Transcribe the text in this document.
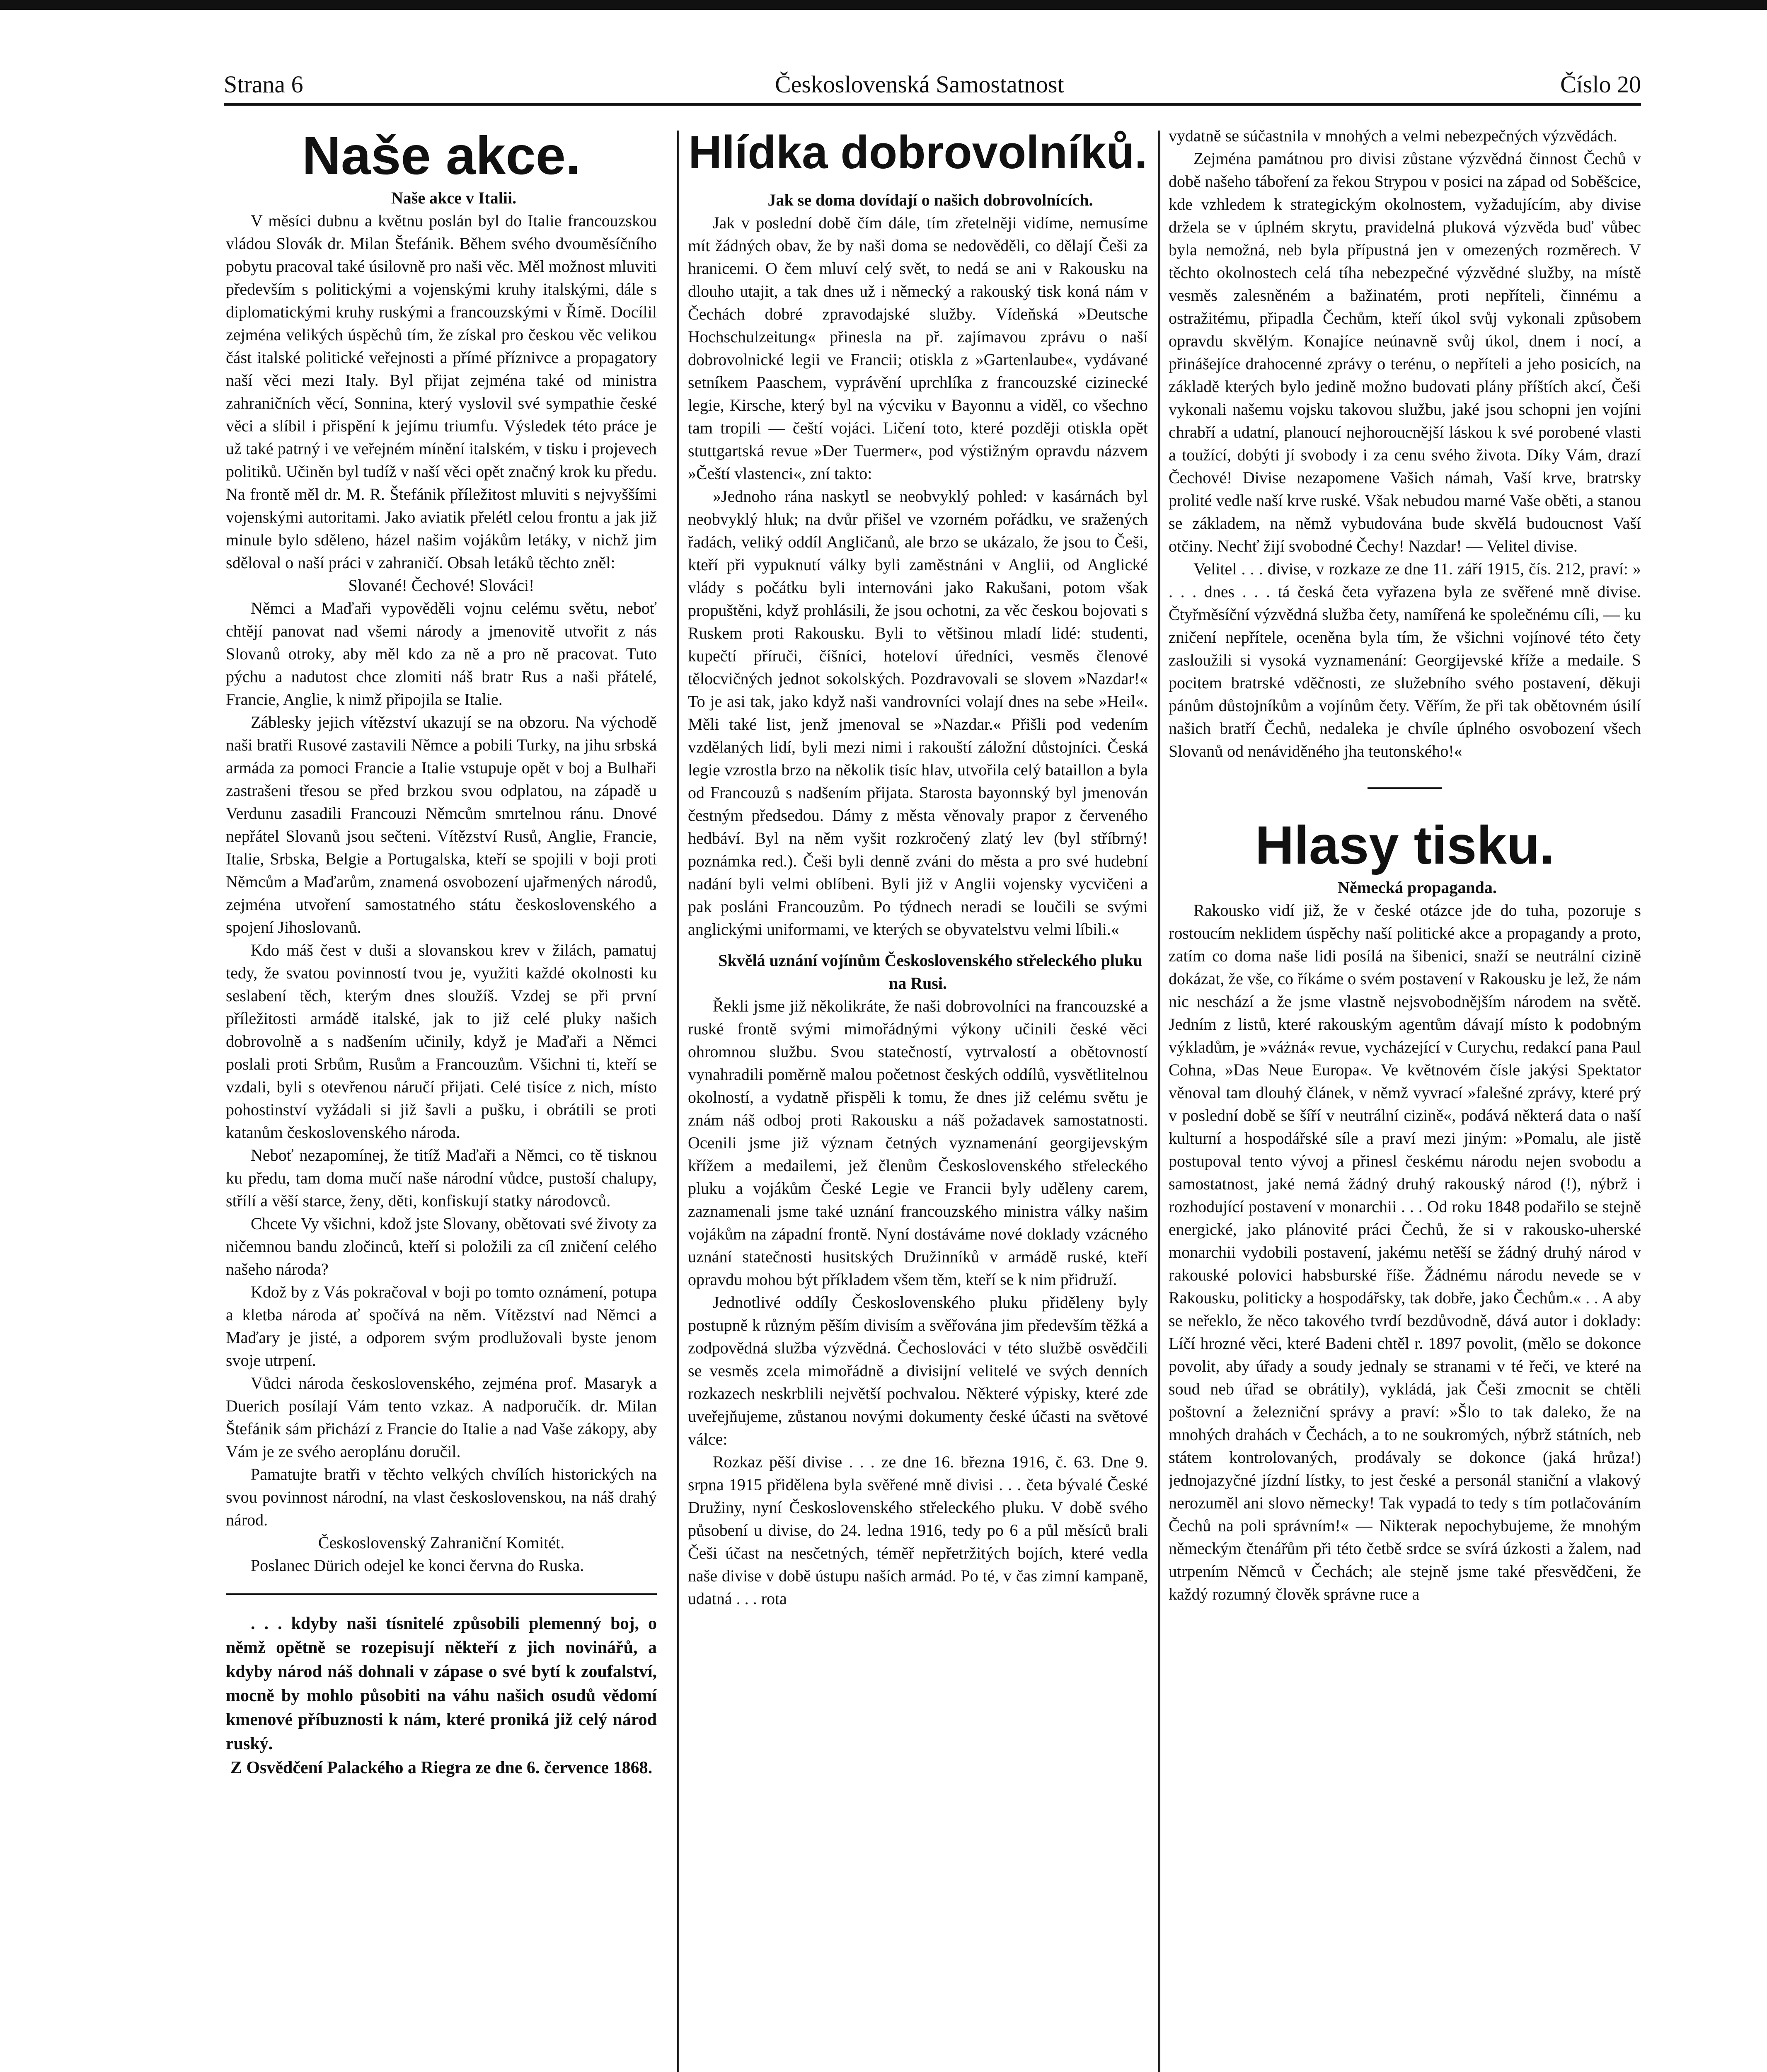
Strana 6	Československá Samostatnost	Číslo 20
Naše akce.

Naše akce v Italii.

V měsíci dubnu a květnu poslán byl do Italie francouzskou vládou Slovák dr. Milan Štefánik. Během svého dvouměsíčního pobytu pracoval také úsilovně pro naši věc. Měl možnost mluviti především s politickými a vojenskými kruhy italskými, dále s diplomatickými kruhy ruskými a francouzskými v Římě. Docílil zejména velikých úspěchů tím, že získal pro českou věc velikou část italské politické veřejnosti a přímé příznivce a propagatory naší věci mezi Italy. Byl přijat zejména také od ministra zahraničních věcí, Sonnina, který vyslovil své sympathie české věci a slíbil i přispění k jejímu triumfu. Výsledek této práce je už také patrný i ve veřejném mínění italském, v tisku i projevech politiků. Učiněn byl tudíž v naší věci opět značný krok ku předu. Na frontě měl dr. M. R. Štefánik příležitost mluviti s nejvyššími vojenskými autoritami. Jako aviatik přelétl celou frontu a jak již minule bylo sděleno, házel našim vojákům letáky, v nichž jim sděloval o naší práci v zahraničí. Obsah letáků těchto zněl:

Slované! Čechové! Slováci!

Němci a Maďaři vypověděli vojnu celému světu, neboť chtějí panovat nad všemi národy a jmenovitě utvořit z nás Slovanů otroky, aby měl kdo za ně a pro ně pracovat. Tuto pýchu a nadutost chce zlomiti náš bratr Rus a naši přátelé, Francie, Anglie, k nimž připojila se Italie.

Záblesky jejich vítězství ukazují se na obzoru. Na východě naši bratři Rusové zastavili Němce a pobili Turky, na jihu srbská armáda za pomoci Francie a Italie vstupuje opět v boj a Bulhaři zastrašeni třesou se před brzkou svou odplatou, na západě u Verdunu zasadili Francouzi Němcům smrtelnou ránu. Dnové nepřátel Slovanů jsou sečteni. Vítězství Rusů, Anglie, Francie, Italie, Srbska, Belgie a Portugalska, kteří se spojili v boji proti Němcům a Maďarům, znamená osvobození ujařmených národů, zejména utvoření samostatného státu československého a spojení Jihoslovanů.

Kdo máš čest v duši a slovanskou krev v žilách, pamatuj tedy, že svatou povinností tvou je, využiti každé okolnosti ku seslabení těch, kterým dnes sloužíš. Vzdej se při první příležitosti armádě italské, jak to již celé pluky našich dobrovolně a s nadšením učinily, když je Maďaři a Němci poslali proti Srbům, Rusům a Francouzům. Všichni ti, kteří se vzdali, byli s otevřenou náručí přijati. Celé tisíce z nich, místo pohostinství vyžádali si již šavli a pušku, i obrátili se proti katanům československého národa.

Neboť nezapomínej, že titíž Maďaři a Němci, co tě tisknou ku předu, tam doma mučí naše národní vůdce, pustoší chalupy, střílí a věší starce, ženy, děti, konfiskují statky národovců.

Chcete Vy všichni, kdož jste Slovany, obětovati své životy za ničemnou bandu zločinců, kteří si položili za cíl zničení celého našeho národa?

Kdož by z Vás pokračoval v boji po tomto oznámení, potupa a kletba národa ať spočívá na něm. Vítězství nad Němci a Maďary je jisté, a odporem svým prodlužovali byste jenom svoje utrpení.

Vůdci národa československého, zejména prof. Masaryk a Duerich posílají Vám tento vzkaz. A nadporučík. dr. Milan Štefánik sám přichází z Francie do Italie a nad Vaše zákopy, aby Vám je ze svého aeroplánu doručil.

Pamatujte bratři v těchto velkých chvílích historických na svou povinnost národní, na vlast československou, na náš drahý národ.

Československý Zahraniční Komitét.

Poslanec Dürich odejel ke konci června do Ruska.

. . . kdyby naši tísnitelé způsobili plemenný boj, o němž opětně se rozepisují někteří z jich novinářů, a kdyby národ náš dohnali v zápase o své bytí k zoufalství, mocně by mohlo působiti na váhu našich osudů vědomí kmenové příbuznosti k nám, které proniká již celý národ ruský.

Z Osvědčení Palackého a Riegra ze dne 6. července 1868.

Hlídka dobrovolníků.

Jak se doma dovídají o našich dobrovolnících.

Jak v poslední době čím dále, tím zřetelněji vidíme, nemusíme mít žádných obav, že by naši doma se nedověděli, co dělají Češi za hranicemi. O čem mluví celý svět, to nedá se ani v Rakousku na dlouho utajit, a tak dnes už i německý a rakouský tisk koná nám v Čechách dobré zpravodajské služby. Vídeňská »Deutsche Hochschulzeitung« přinesla na př. zajímavou zprávu o naší dobrovolnické legii ve Francii; otiskla z »Gartenlaube«, vydávané setníkem Paaschem, vyprávění uprchlíka z francouzské cizinecké legie, Kirsche, který byl na výcviku v Bayonnu a viděl, co všechno tam tropili — čeští vojáci. Ličení toto, které později otiskla opět stuttgartská revue »Der Tuermer«, pod výstižným opravdu názvem »Čeští vlastenci«, zní takto:

»Jednoho rána naskytl se neobvyklý pohled: v kasárnách byl neobvyklý hluk; na dvůr přišel ve vzorném pořádku, ve sražených řadách, veliký oddíl Angličanů, ale brzo se ukázalo, že jsou to Češi, kteří při vypuknutí války byli zaměstnáni v Anglii, od Anglické vlády s počátku byli internováni jako Rakušani, potom však propuštěni, když prohlásili, že jsou ochotni, za věc českou bojovati s Ruskem proti Rakousku. Byli to většinou mladí lidé: studenti, kupečtí příruči, číšníci, hoteloví úředníci, vesměs členové tělocvičných jednot sokolských. Pozdravovali se slovem »Nazdar!« To je asi tak, jako když naši vandrovníci volají dnes na sebe »Heil«. Měli také list, jenž jmenoval se »Nazdar.« Přišli pod vedením vzdělaných lidí, byli mezi nimi i rakouští záložní důstojníci. Česká legie vzrostla brzo na několik tisíc hlav, utvořila celý bataillon a byla od Francouzů s nadšením přijata. Starosta bayonnský byl jmenován čestným předsedou. Dámy z města věnovaly prapor z červeného hedbáví. Byl na něm vyšit rozkročený zlatý lev (byl stříbrný! poznámka red.). Češi byli denně zváni do města a pro své hudební nadání byli velmi oblíbeni. Byli již v Anglii vojensky vycvičeni a pak posláni Francouzům. Po týdnech neradi se loučili se svými anglickými uniformami, ve kterých se obyvatelstvu velmi líbili.«

Skvělá uznání vojínům Československého střeleckého pluku na Rusi.

Řekli jsme již několikráte, že naši dobrovolníci na francouzské a ruské frontě svými mimořádnými výkony učinili české věci ohromnou službu. Svou statečností, vytrvalostí a obětovností vynahradili poměrně malou početnost českých oddílů, vysvětlitelnou okolností, a vydatně přispěli k tomu, že dnes již celému světu je znám náš odboj proti Rakousku a náš požadavek samostatnosti. Ocenili jsme již význam četných vyznamenání georgijevským křížem a medailemi, jež členům Československého střeleckého pluku a vojákům České Legie ve Francii byly uděleny carem, zaznamenali jsme také uznání francouzského ministra války našim vojákům na západní frontě. Nyní dostáváme nové doklady vzácného uznání statečnosti husitských Družinníků v armádě ruské, kteří opravdu mohou být příkladem všem těm, kteří se k nim přidruží.

Jednotlivé oddíly Československého pluku přiděleny byly postupně k různým pěším divisím a svěřována jim především těžká a zodpovědná služba výzvědná. Čechoslováci v této službě osvědčili se vesměs zcela mimořádně a divisijní velitelé ve svých denních rozkazech neskrblili největší pochvalou. Některé výpisky, které zde uveřejňujeme, zůstanou novými dokumenty české účasti na světové válce:

Rozkaz pěší divise . . . ze dne 16. března 1916, č. 63. Dne 9. srpna 1915 přidělena byla svěřené mně divisi . . . četa bývalé České Družiny, nyní Československého střeleckého pluku. V době svého působení u divise, do 24. ledna 1916, tedy po 6 a půl měsíců brali Češi účast na nesčetných, téměř nepřetržitých bojích, které vedla naše divise v době ústupu naších armád. Po té, v čas zimní kampaně, udatná . . . rota

vydatně se súčastnila v mnohých a velmi nebezpečných výzvědách.

Zejména památnou pro divisi zůstane výzvědná činnost Čechů v době našeho táboření za řekou Strypou v posici na západ od Soběšcice, kde vzhledem k strategickým okolnostem, vyžadujícím, aby divise držela se v úplném skrytu, pravidelná pluková výzvěda buď vůbec byla nemožná, neb byla přípustná jen v omezených rozměrech. V těchto okolnostech celá tíha nebezpečné výzvědné služby, na místě vesměs zalesněném a bažinatém, proti nepříteli, činnému a ostražitému, připadla Čechům, kteří úkol svůj vykonali způsobem opravdu skvělým. Konajíce neúnavně svůj úkol, dnem i nocí, a přinášejíce drahocenné zprávy o terénu, o nepříteli a jeho posicích, na základě kterých bylo jedině možno budovati plány příštích akcí, Češi vykonali našemu vojsku takovou službu, jaké jsou schopni jen vojíni chrabří a udatní, planoucí nejhoroucnější láskou k své porobené vlasti a toužící, dobýti jí svobody i za cenu svého života. Díky Vám, drazí Čechové! Divise nezapomene Vašich námah, Vaší krve, bratrsky prolité vedle naší krve ruské. Však nebudou marné Vaše oběti, a stanou se základem, na němž vybudována bude skvělá budoucnost Vaší otčiny. Nechť žijí svobodné Čechy! Nazdar! — Velitel divise.

Velitel . . . divise, v rozkaze ze dne 11. září 1915, čís. 212, praví: » . . . dnes . . . tá česká četa vyřazena byla ze svěřené mně divise. Čtyřměsíční výzvědná služba čety, namířená ke společnému cíli, — ku zničení nepřítele, oceněna byla tím, že všichni vojínové této čety zasloužili si vysoká vyznamenání: Georgijevské kříže a medaile. S pocitem bratrské vděčnosti, ze služebního svého postavení, děkuji pánům důstojníkům a vojínům čety. Věřím, že při tak obětovném úsilí našich bratří Čechů, nedaleka je chvíle úplného osvobození všech Slovanů od nenáviděného jha teutonského!«

Hlasy tisku.

Německá propaganda.

Rakousko vidí již, že v české otázce jde do tuha, pozoruje s rostoucím neklidem úspěchy naší politické akce a propagandy a proto, zatím co doma naše lidi posílá na šibenici, snaží se neutrální cizině dokázat, že vše, co říkáme o svém postavení v Rakousku je lež, že nám nic neschází a že jsme vlastně nejsvobodnějším národem na světě. Jedním z listů, které rakouským agentům dávají místo k podobným výkladům, je »váżná« revue, vycházející v Curychu, redakcí pana Paul Cohna, »Das Neue Europa«. Ve květnovém čísle jakýsi Spektator věnoval tam dlouhý článek, v němž vyvrací »falešné zprávy, které prý v poslední době se šíří v neutrální cizině«, podává některá data o naší kulturní a hospodářské síle a praví mezi jiným: »Pomalu, ale jistě postupoval tento vývoj a přinesl českému národu nejen svobodu a samostatnost, jaké nemá žádný druhý rakouský národ (!), nýbrž i rozhodující postavení v monarchii . . . Od roku 1848 podařilo se stejně energické, jako plánovité práci Čechů, že si v rakousko-uherské monarchii vydobili postavení, jakému netěší se žádný druhý národ v rakouské polovici habsburské říše. Žádnému národu nevede se v Rakousku, politicky a hospodářsky, tak dobře, jako Čechům.« . . A aby se neřeklo, že něco takového tvrdí bezdůvodně, dává autor i doklady: Líčí hrozné věci, které Badeni chtěl r. 1897 povolit, (mělo se dokonce povolit, aby úřady a soudy jednaly se stranami v té řeči, ve které na soud neb úřad se obrátily), vykládá, jak Češi zmocnit se chtěli poštovní a železniční správy a praví: »Šlo to tak daleko, že na mnohých drahách v Čechách, a to ne soukromých, nýbrž státních, neb státem kontrolovaných, prodávaly se dokonce (jaká hrůza!) jednojazyčné jízdní lístky, to jest české a personál staniční a vlakový nerozuměl ani slovo německy! Tak vypadá to tedy s tím potlačováním Čechů na poli správním!« — Nikterak nepochybujeme, že mnohým německým čtenářům při této četbě srdce se svírá úzkosti a žalem, nad utrpením Němců v Čechách; ale stejně jsme také přesvědčeni, že každý rozumný člověk správne ruce a
